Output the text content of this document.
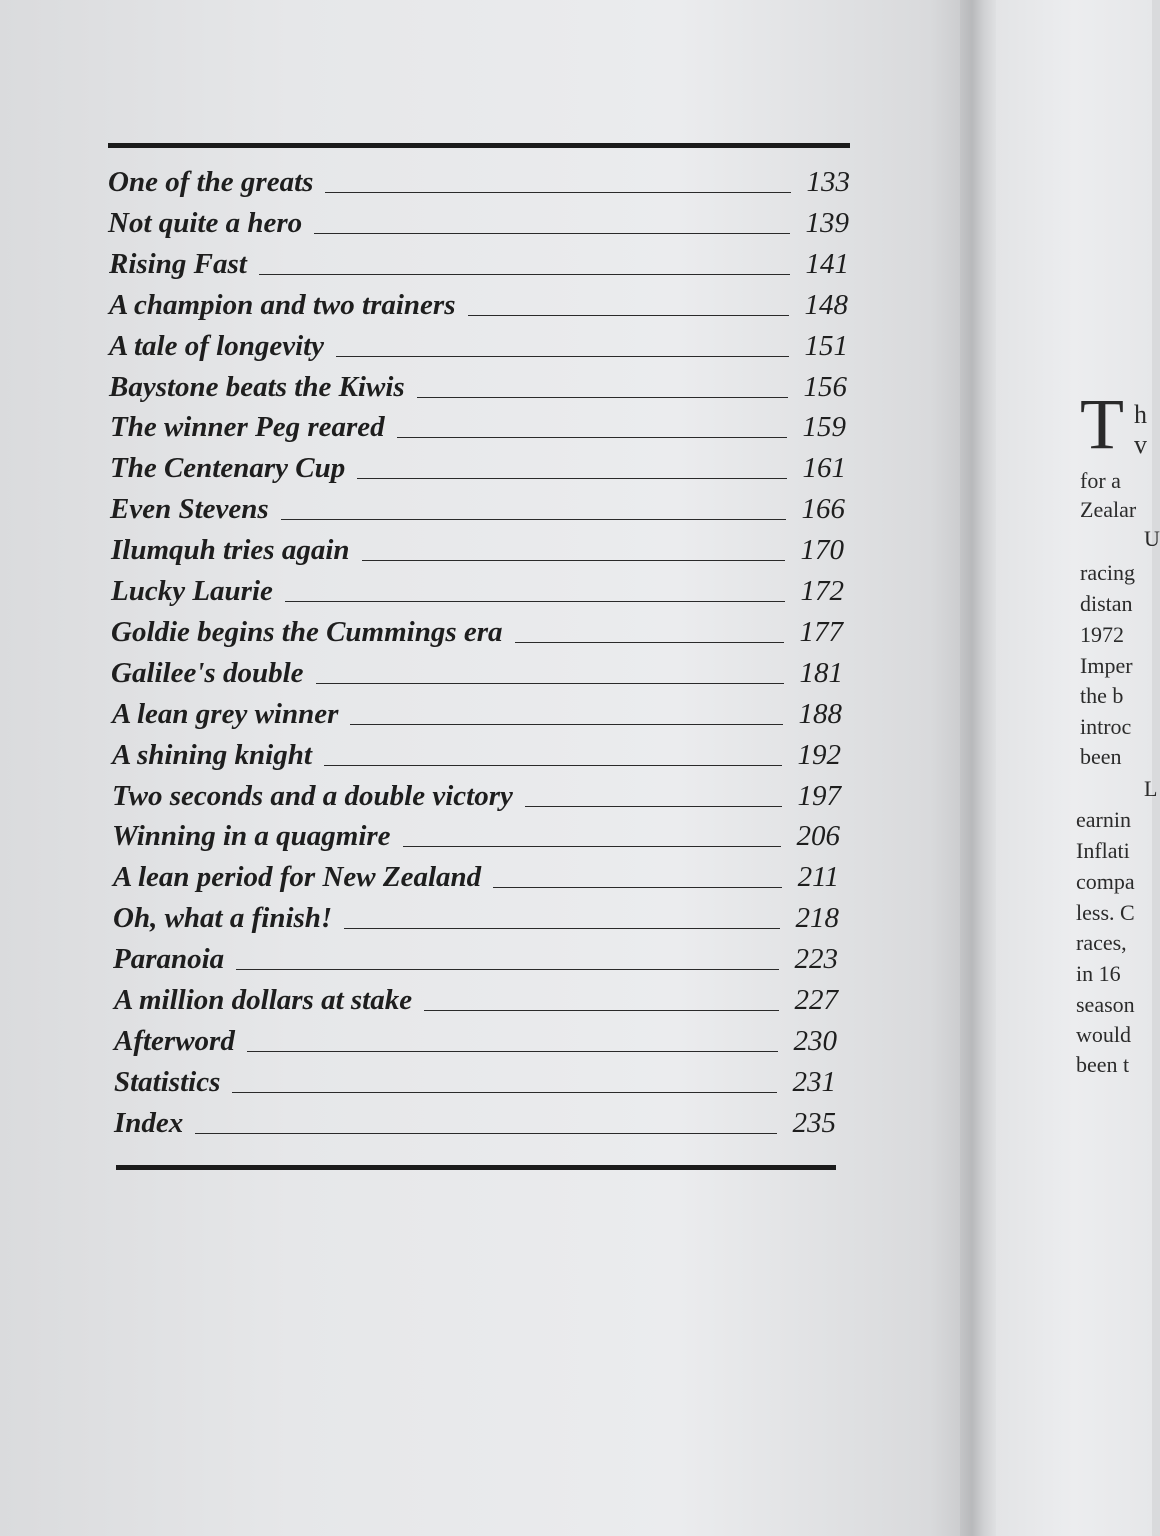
One of the greats	133
Not quite a hero	139
Rising Fast	141
A champion and two trainers	148
A tale of longevity	151
Baystone beats the Kiwis	156
The winner Peg reared	159
The Centenary Cup	161
Even Stevens	166
Ilumquh tries again	170
Lucky Laurie	172
Goldie begins the Cummings era	177
Galilee's double	181
A lean grey winner	188
A shining knight	192
Two seconds and a double victory	197
Winning in a quagmire	206
A lean period for New Zealand	211
Oh, what a finish!	218
Paranoia	223
A million dollars at stake	227
Afterword	230
Statistics	231
Index	235
T h
v
for a
Zealar
U
racing
distan
1972
Imper
the b
introc
been
L
earnin
Inflati
compa
less. C
races,
in 16
season
would
been t
